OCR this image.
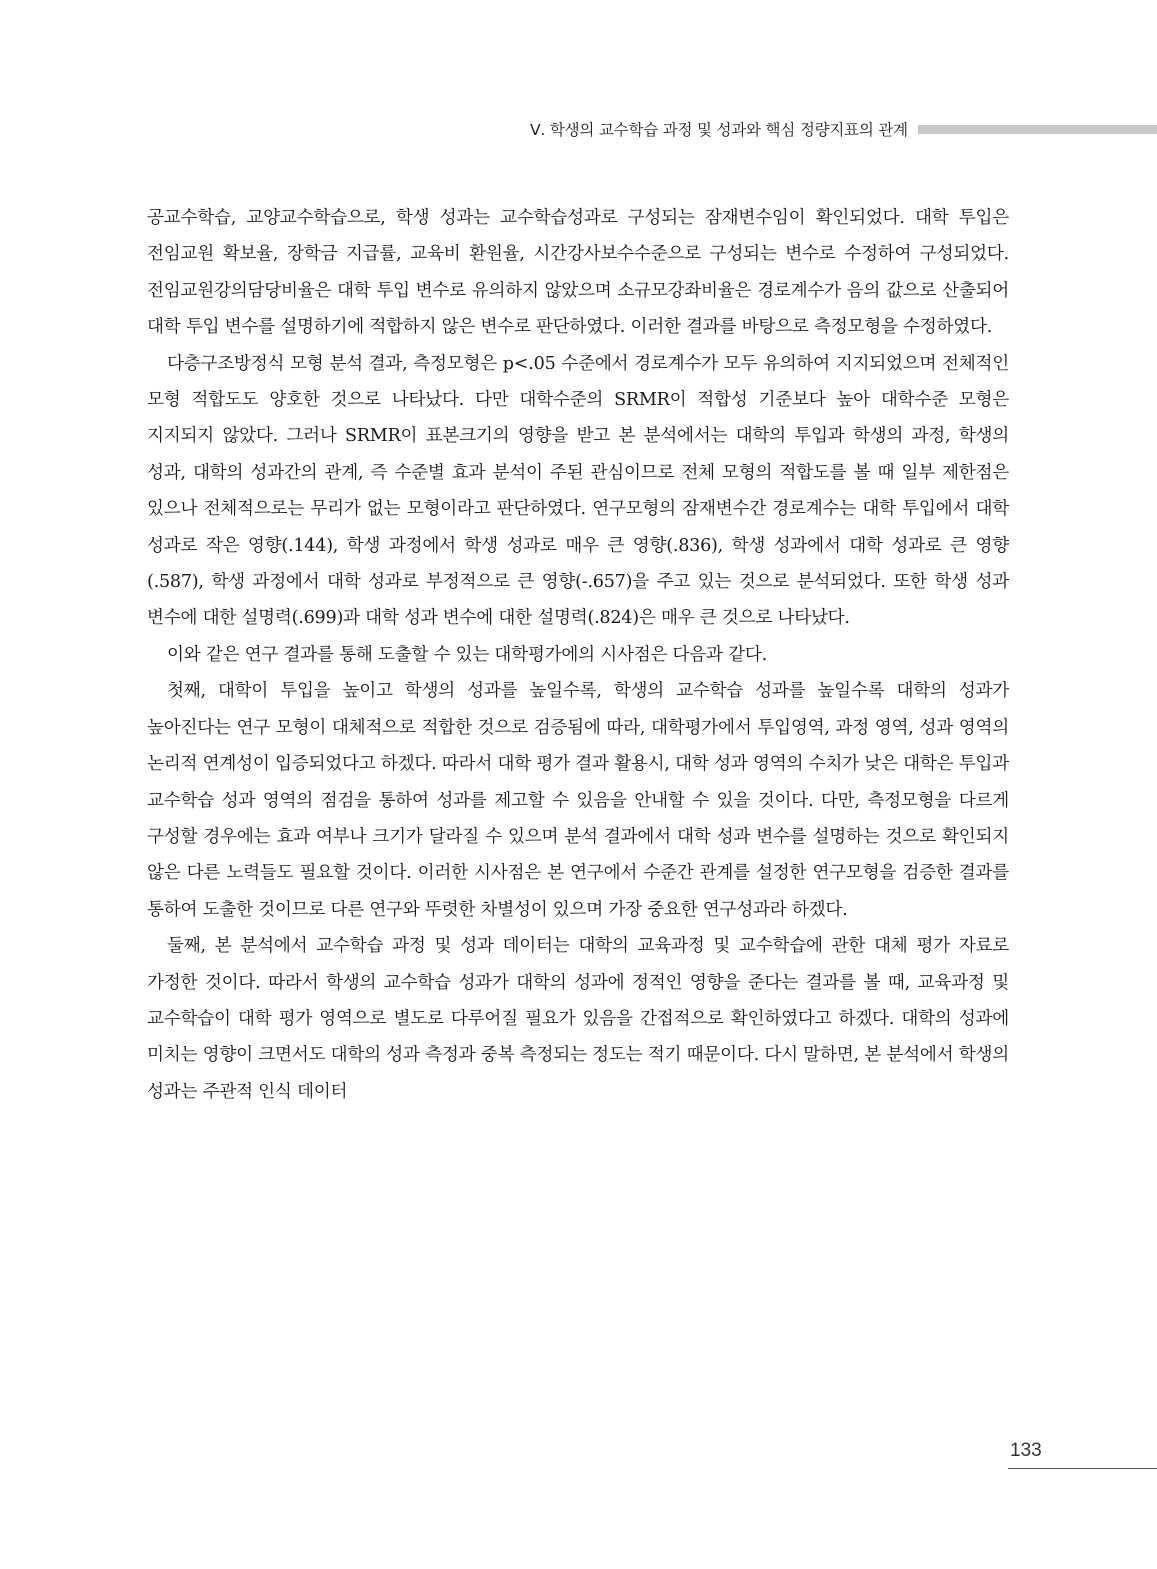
Ⅴ. 학생의 교수학습 과정 및 성과와 핵심 정량지표의 관계

공교수학습, 교양교수학습으로, 학생 성과는 교수학습성과로 구성되는 잠재변수임이 확인되었다. 대학 투입은 전임교원 확보율, 장학금 지급률, 교육비 환원율, 시간강사보수수준으로 구성되는 변수로 수정하여 구성되었다. 전임교원강의담당비율은 대학 투입 변수로 유의하지 않았으며 소규모강좌비율은 경로계수가 음의 값으로 산출되어 대학 투입 변수를 설명하기에 적합하지 않은 변수로 판단하였다. 이러한 결과를 바탕으로 측정모형을 수정하였다.

다층구조방정식 모형 분석 결과, 측정모형은 p<.05 수준에서 경로계수가 모두 유의하여 지지되었으며 전체적인 모형 적합도도 양호한 것으로 나타났다. 다만 대학수준의 SRMR이 적합성 기준보다 높아 대학수준 모형은 지지되지 않았다. 그러나 SRMR이 표본크기의 영향을 받고 본 분석에서는 대학의 투입과 학생의 과정, 학생의 성과, 대학의 성과간의 관계, 즉 수준별 효과 분석이 주된 관심이므로 전체 모형의 적합도를 볼 때 일부 제한점은 있으나 전체적으로는 무리가 없는 모형이라고 판단하였다. 연구모형의 잠재변수간 경로계수는 대학 투입에서 대학 성과로 작은 영향(.144), 학생 과정에서 학생 성과로 매우 큰 영향(.836), 학생 성과에서 대학 성과로 큰 영향(.587), 학생 과정에서 대학 성과로 부정적으로 큰 영향(-.657)을 주고 있는 것으로 분석되었다. 또한 학생 성과 변수에 대한 설명력(.699)과 대학 성과 변수에 대한 설명력(.824)은 매우 큰 것으로 나타났다.

이와 같은 연구 결과를 통해 도출할 수 있는 대학평가에의 시사점은 다음과 같다.

첫째, 대학이 투입을 높이고 학생의 성과를 높일수록, 학생의 교수학습 성과를 높일수록 대학의 성과가 높아진다는 연구 모형이 대체적으로 적합한 것으로 검증됨에 따라, 대학평가에서 투입영역, 과정 영역, 성과 영역의 논리적 연계성이 입증되었다고 하겠다. 따라서 대학 평가 결과 활용시, 대학 성과 영역의 수치가 낮은 대학은 투입과 교수학습 성과 영역의 점검을 통하여 성과를 제고할 수 있음을 안내할 수 있을 것이다. 다만, 측정모형을 다르게 구성할 경우에는 효과 여부나 크기가 달라질 수 있으며 분석 결과에서 대학 성과 변수를 설명하는 것으로 확인되지 않은 다른 노력들도 필요할 것이다. 이러한 시사점은 본 연구에서 수준간 관계를 설정한 연구모형을 검증한 결과를 통하여 도출한 것이므로 다른 연구와 뚜렷한 차별성이 있으며 가장 중요한 연구성과라 하겠다.

둘째, 본 분석에서 교수학습 과정 및 성과 데이터는 대학의 교육과정 및 교수학습에 관한 대체 평가 자료로 가정한 것이다. 따라서 학생의 교수학습 성과가 대학의 성과에 정적인 영향을 준다는 결과를 볼 때, 교육과정 및 교수학습이 대학 평가 영역으로 별도로 다루어질 필요가 있음을 간접적으로 확인하였다고 하겠다. 대학의 성과에 미치는 영향이 크면서도 대학의 성과 측정과 중복 측정되는 정도는 적기 때문이다. 다시 말하면, 본 분석에서 학생의 성과는 주관적 인식 데이터

133
